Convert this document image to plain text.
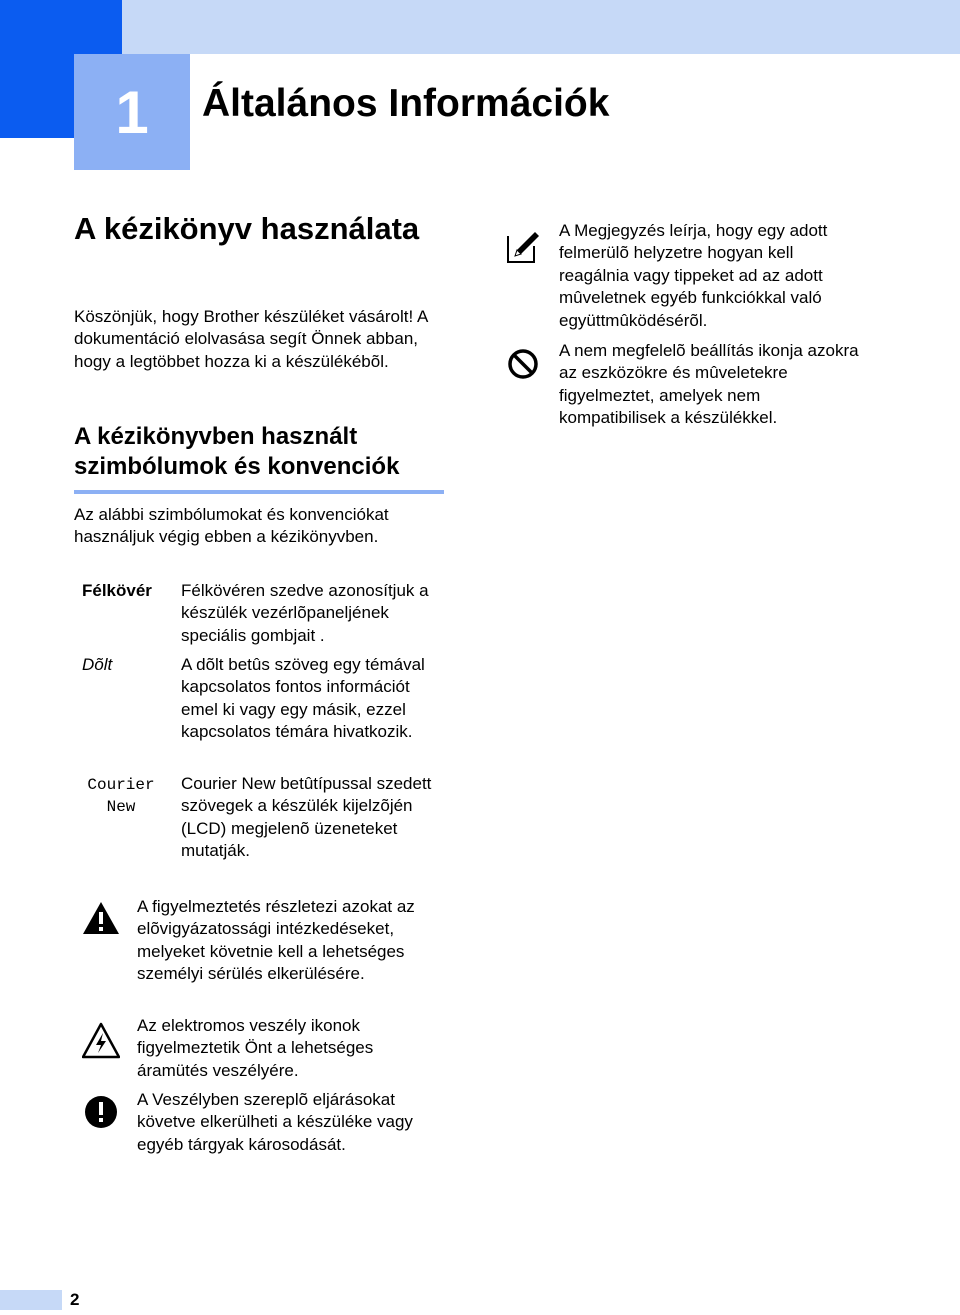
1 Általános Információk
A kézikönyv használata

Köszönjük, hogy Brother készüléket vásárolt! A dokumentáció elolvasása segít Önnek abban, hogy a legtöbbet hozza ki a készülékébõl.

A kézikönyvben használt szimbólumok és konvenciók

Az alábbi szimbólumokat és konvenciókat használjuk végig ebben a kézikönyvben.

Félkövér Félkövéren szedve azonosítjuk a készülék vezérlõpaneljének speciális gombjait .
Dõlt	A dõlt betûs szöveg egy témával kapcsolatos fontos információt emel ki vagy egy másik, ezzel kapcsolatos témára hivatkozik.
Courier New
Courier New betûtípussal szedett szövegek a készülék kijelzõjén (LCD) megjelenõ üzeneteket mutatják.
A Megjegyzés leírja, hogy egy adott felmerülõ helyzetre hogyan kell reagálnia vagy tippeket ad az adott mûveletnek egyéb funkciókkal való együttmûködésérõl.
A nem megfelelõ beállítás ikonja azokra az eszközökre és mûveletekre figyelmeztet, amelyek nem kompatibilisek a készülékkel.
A figyelmeztetés részletezi azokat az elõvigyázatossági intézkedéseket, melyeket követnie kell a lehetséges személyi sérülés elkerülésére.
Az elektromos veszély ikonok figyelmeztetik Önt a lehetséges áramütés veszélyére.
A Veszélyben szereplõ eljárásokat követve elkerülheti a készüléke vagy egyéb tárgyak károsodását.
2
